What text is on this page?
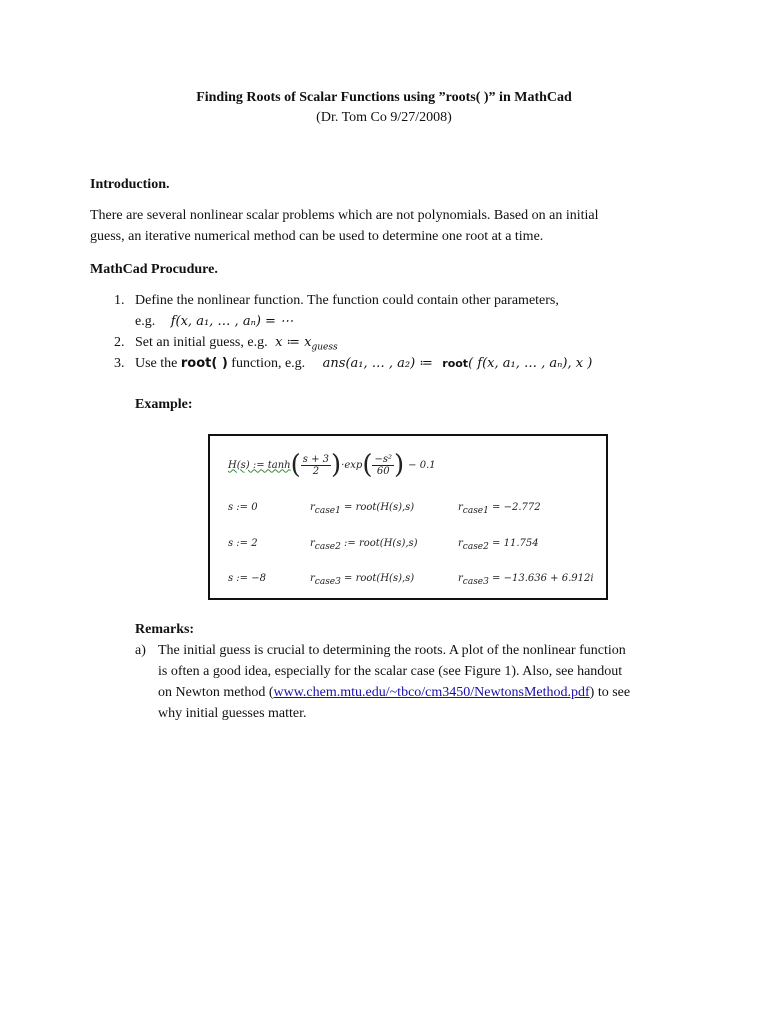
Finding Roots of Scalar Functions using ”roots( )” in MathCad
(Dr. Tom Co 9/27/2008)
Introduction.
There are several nonlinear scalar problems which are not polynomials. Based on an initial
guess, an iterative numerical method can be used to determine one root at a time.
MathCad Procudure.
1. Define the nonlinear function. The function could contain other parameters,
e.g. f(x, a₁, … , aₙ) = ⋯
2. Set an initial guess, e.g. x ≔ $x_{guess}$
3. Use the root( ) function, e.g. ans(a₁, … , a₂) ≔ root( f(x, a₁, … , aₙ), x )
Example:
H(s) := tanh ( $\frac{s + 3}{2}$ ) ·exp ( $\frac{\text{−s²}}{60}$ ) − 0.1
s := 0	$r_{case1}$ = root(H(s),s)	$r_{case1} = -2.772$
s := 2	$r_{case2}$ := root(H(s),s)	$r_{case2} = 11.754$
s := −8	$r_{case3}$ = root(H(s),s)	$r_{case3} = -13.636 + 6.912i$
Remarks:
a) The initial guess is crucial to determining the roots. A plot of the nonlinear function
is often a good idea, especially for the scalar case (see Figure 1). Also, see handout
on Newton method (www.chem.mtu.edu/~tbco/cm3450/NewtonsMethod.pdf) to see
why initial guesses matter.
